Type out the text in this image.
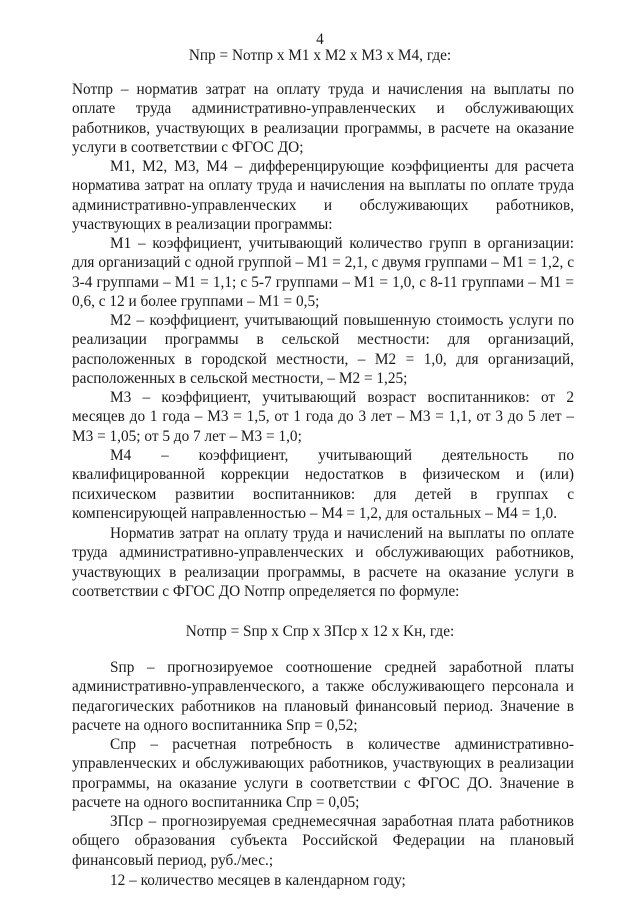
4
Nпр = Nотпр x M1 x M2 x M3 x M4, где:

Nотпр – норматив затрат на оплату труда и начисления на выплаты по оплате труда административно-управленческих и обслуживающих работников, участвующих в реализации программы, в расчете на оказание услуги в соответствии с ФГОС ДО;

M1, M2, M3, M4 – дифференцирующие коэффициенты для расчета норматива затрат на оплату труда и начисления на выплаты по оплате труда административно-управленческих и обслуживающих работников, участвующих в реализации программы:

M1 – коэффициент, учитывающий количество групп в организации: для организаций с одной группой – M1 = 2,1, с двумя группами – M1 = 1,2, с 3-4 группами – M1 = 1,1; с 5-7 группами – M1 = 1,0, с 8-11 группами – M1 = 0,6, с 12 и более группами – M1 = 0,5;

M2 – коэффициент, учитывающий повышенную стоимость услуги по реализации программы в сельской местности: для организаций, расположенных в городской местности, – M2 = 1,0, для организаций, расположенных в сельской местности, – M2 = 1,25;

M3 – коэффициент, учитывающий возраст воспитанников: от 2 месяцев до 1 года – M3 = 1,5, от 1 года до 3 лет – M3 = 1,1, от 3 до 5 лет – M3 = 1,05; от 5 до 7 лет – M3 = 1,0;

M4 – коэффициент, учитывающий деятельность по квалифицированной коррекции недостатков в физическом и (или) психическом развитии воспитанников: для детей в группах с компенсирующей направленностью – M4 = 1,2, для остальных – M4 = 1,0.

Норматив затрат на оплату труда и начислений на выплаты по оплате труда административно-управленческих и обслуживающих работников, участвующих в реализации программы, в расчете на оказание услуги в соответствии с ФГОС ДО Nотпр определяется по формуле:

Nотпр = Sпр x Cпр x ЗПср x 12 x Kн, где:

Sпр – прогнозируемое соотношение средней заработной платы административно-управленческого, а также обслуживающего персонала и педагогических работников на плановый финансовый период. Значение в расчете на одного воспитанника Sпр = 0,52;

Cпр – расчетная потребность в количестве административно-управленческих и обслуживающих работников, участвующих в реализации программы, на оказание услуги в соответствии с ФГОС ДО. Значение в расчете на одного воспитанника Cпр = 0,05;

ЗПср – прогнозируемая среднемесячная заработная плата работников общего образования субъекта Российской Федерации на плановый финансовый период, руб./мес.;

12 – количество месяцев в календарном году;
